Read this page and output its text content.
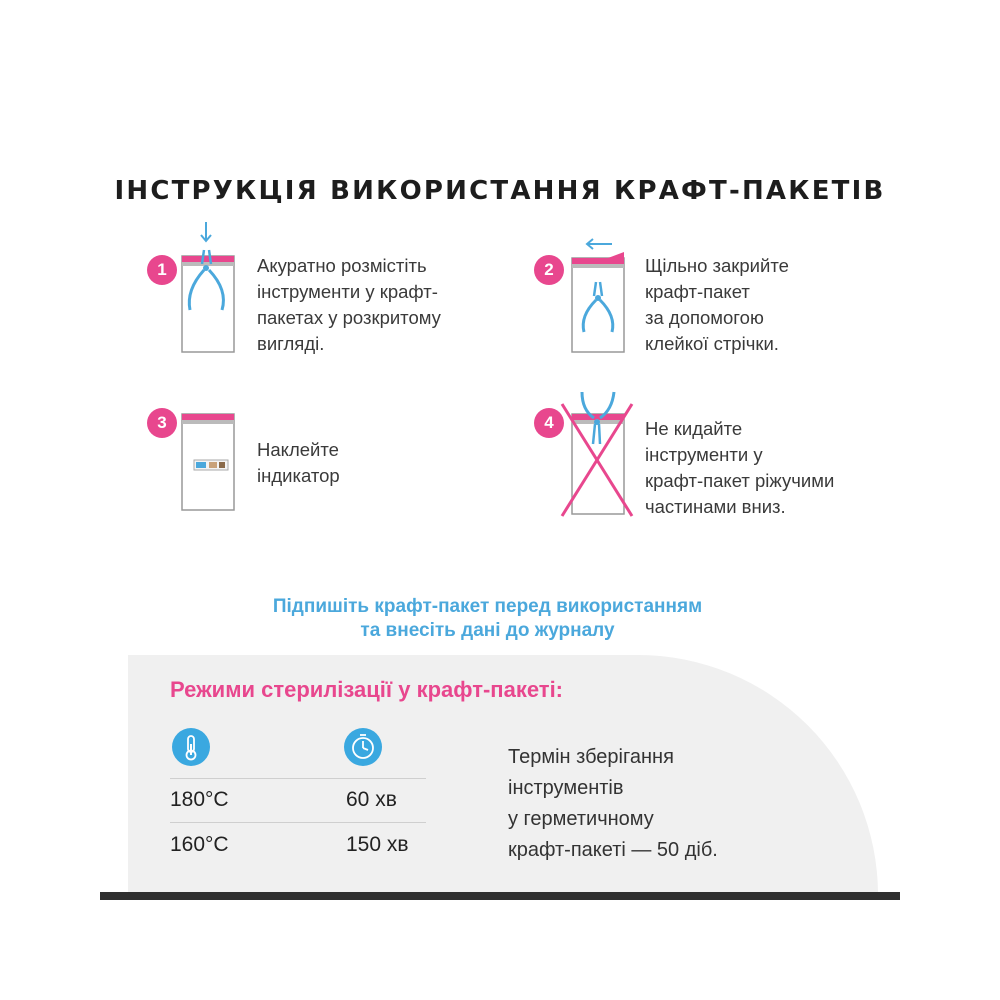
ІНСТРУКЦІЯ ВИКОРИСТАННЯ КРАФТ-ПАКЕТІВ
1	Акуратно розмістіть
інструменти у крафт-
пакетах у розкритому
вигляді.
2	Щільно закрийте
крафт-пакет
за допомогою
клейкої стрічки.
3
Наклейте
індикатор
4	Не кидайте
інструменти у
крафт-пакет ріжучими
частинами вниз.
Підпишіть крафт-пакет перед використанням
та внесіть дані до журналу
Режими стерилізації у крафт-пакеті:
180°C	60 хв
160°C	150 хв
Термін зберігання
інструментів
у герметичному
крафт-пакеті — 50 діб.
